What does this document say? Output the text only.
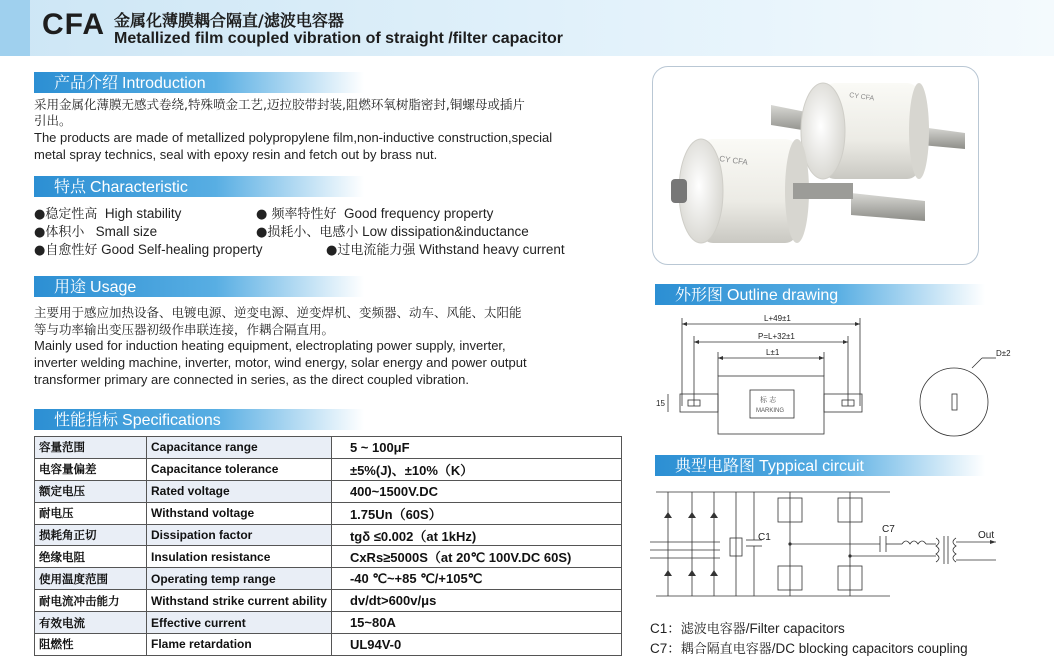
CFA 金属化薄膜耦合隔直/滤波电容器
Metallized film coupled vibration of straight /filter capacitor
产品介绍 Introduction
采用金属化薄膜无感式卷绕,特殊喷金工艺,迈拉胶带封装,阻燃环氧树脂密封,铜螺母或插片
引出。
The products are made of metallized polypropylene film,non-inductive construction,special
metal spray technics, seal with epoxy resin and fetch out by brass nut.
特点 Characteristic
●稳定性高 High stability	● 频率特性好 Good frequency property
●体积小 Small size	●损耗小、电感小 Low dissipation&inductance
●自愈性好 Good Self-healing property	●过电流能力强 Withstand heavy current
用途 Usage
主要用于感应加热设备、电镀电源、逆变电源、逆变焊机、变频器、动车、风能、太阳能
等与功率输出变压器初级作串联连接，作耦合隔直用。
Mainly used for induction heating equipment, electroplating power supply, inverter,
inverter welding machine, inverter, motor, wind energy, solar energy and power output
transformer primary are connected in series, as the direct coupled vibration.
性能指标 Specifications
容量范围	Capacitance range	5 ~ 100μF
电容量偏差	Capacitance tolerance	±5%(J)、±10%（K）
额定电压	Rated voltage	400~1500V.DC
耐电压	Withstand voltage	1.75Un（60S）
损耗角正切	Dissipation factor	tgδ ≤0.002（at 1kHz)
绝缘电阻	Insulation resistance	CxRs≥5000S（at 20℃ 100V.DC 60S)
使用温度范围	Operating temp range	-40 ℃~+85 ℃/+105℃
耐电流冲击能力	Withstand strike current ability	dv/dt>600v/μs
有效电流	Effective current	15~80A
阻燃性	Flame retardation	UL94V-0
CY CFA
CY CFA
外形图 Outline drawing
L+49±1
P=L+32±1
L±1
15
D±2
标 志
MARKING
典型电路图 Typpical circuit
C1
C7
Out
C1：滤波电容器/Filter capacitors
C7：耦合隔直电容器/DC blocking capacitors coupling
